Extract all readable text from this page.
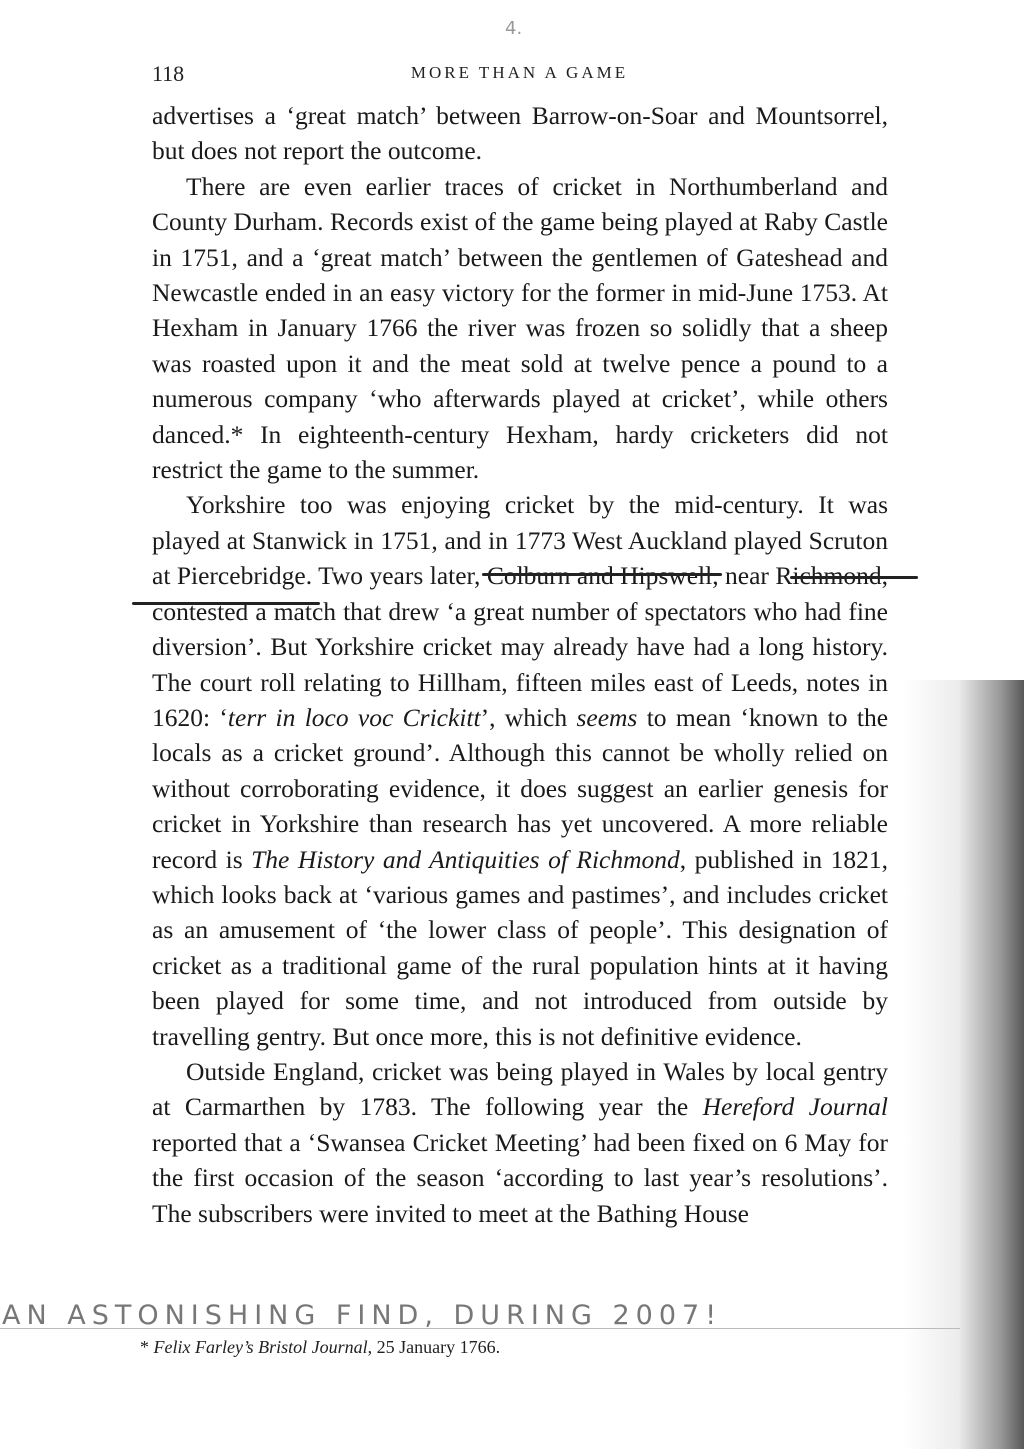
4.
118	MORE THAN A GAME

advertises a ‘great match’ between Barrow-on-Soar and Mountsorrel, but does not report the outcome.

There are even earlier traces of cricket in Northumberland and County Durham. Records exist of the game being played at Raby Castle in 1751, and a ‘great match’ between the gentlemen of Gateshead and Newcastle ended in an easy victory for the former in mid-June 1753. At Hexham in January 1766 the river was frozen so solidly that a sheep was roasted upon it and the meat sold at twelve pence a pound to a numerous company ‘who afterwards played at cricket’, while others danced.* In eighteenth-century Hexham, hardy cricketers did not restrict the game to the summer.

Yorkshire too was enjoying cricket by the mid-century. It was played at Stanwick in 1751, and in 1773 West Auckland played Scruton at Piercebridge. Two years later, Colburn and Hipswell, near Richmond, contested a match that drew ‘a great number of spectators who had fine diversion’. But Yorkshire cricket may already have had a long history. The court roll relating to Hillham, fifteen miles east of Leeds, notes in 1620: ‘terr in loco voc Crickitt’, which seems to mean ‘known to the locals as a cricket ground’. Although this cannot be wholly relied on without corroborating evidence, it does suggest an earlier genesis for cricket in Yorkshire than research has yet uncovered. A more reliable record is The History and Antiquities of Richmond, published in 1821, which looks back at ‘various games and pastimes’, and includes cricket as an amusement of ‘the lower class of people’. This designation of cricket as a traditional game of the rural population hints at it having been played for some time, and not introduced from outside by travelling gentry. But once more, this is not definitive evidence.

Outside England, cricket was being played in Wales by local gentry at Carmarthen by 1783. The following year the Hereford Journal reported that a ‘Swansea Cricket Meeting’ had been fixed on 6 May for the first occasion of the season ‘according to last year’s resolutions’. The subscribers were invited to meet at the Bathing House

AN ASTONISHING FIND, DURING 2007!
* Felix Farley’s Bristol Journal, 25 January 1766.
